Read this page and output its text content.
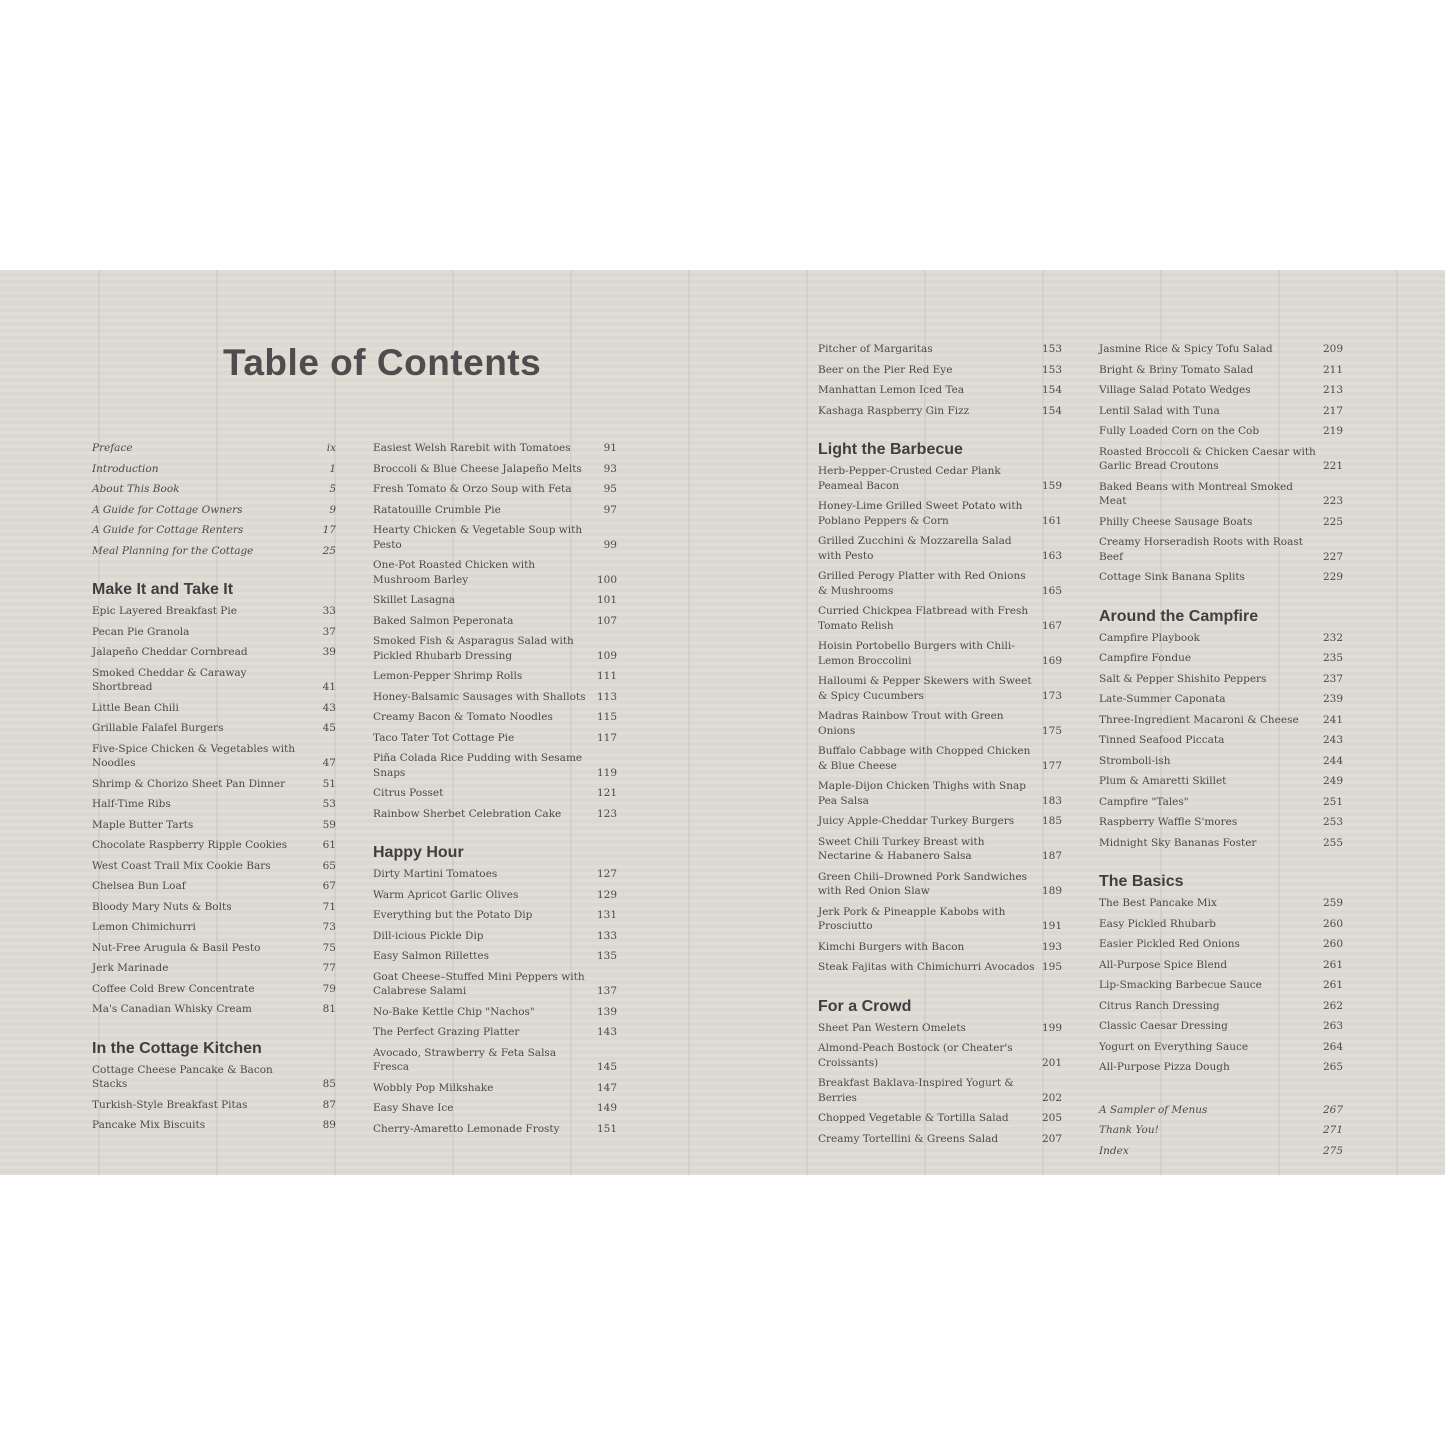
Table of Contents
Preface	ix
Introduction	1
About This Book	5
A Guide for Cottage Owners	9
A Guide for Cottage Renters	17
Meal Planning for the Cottage	25
Make It and Take It
Epic Layered Breakfast Pie	33
Pecan Pie Granola	37
Jalapeño Cheddar Cornbread	39
Smoked Cheddar & Caraway Shortbread	41
Little Bean Chili	43
Grillable Falafel Burgers	45
Five-Spice Chicken & Vegetables with Noodles	47
Shrimp & Chorizo Sheet Pan Dinner	51
Half-Time Ribs	53
Maple Butter Tarts	59
Chocolate Raspberry Ripple Cookies	61
West Coast Trail Mix Cookie Bars	65
Chelsea Bun Loaf	67
Bloody Mary Nuts & Bolts	71
Lemon Chimichurri	73
Nut-Free Arugula & Basil Pesto	75
Jerk Marinade	77
Coffee Cold Brew Concentrate	79
Ma's Canadian Whisky Cream	81
In the Cottage Kitchen
Cottage Cheese Pancake & Bacon Stacks	85
Turkish-Style Breakfast Pitas	87
Pancake Mix Biscuits	89
Easiest Welsh Rarebit with Tomatoes	91
Broccoli & Blue Cheese Jalapeño Melts	93
Fresh Tomato & Orzo Soup with Feta	95
Ratatouille Crumble Pie	97
Hearty Chicken & Vegetable Soup with Pesto	99
One-Pot Roasted Chicken with Mushroom Barley	100
Skillet Lasagna	101
Baked Salmon Peperonata	107
Smoked Fish & Asparagus Salad with Pickled Rhubarb Dressing	109
Lemon-Pepper Shrimp Rolls	111
Honey-Balsamic Sausages with Shallots	113
Creamy Bacon & Tomato Noodles	115
Taco Tater Tot Cottage Pie	117
Piña Colada Rice Pudding with Sesame Snaps	119
Citrus Posset	121
Rainbow Sherbet Celebration Cake	123
Happy Hour
Dirty Martini Tomatoes	127
Warm Apricot Garlic Olives	129
Everything but the Potato Dip	131
Dill-icious Pickle Dip	133
Easy Salmon Rillettes	135
Goat Cheese–Stuffed Mini Peppers with Calabrese Salami	137
No-Bake Kettle Chip "Nachos"	139
The Perfect Grazing Platter	143
Avocado, Strawberry & Feta Salsa Fresca	145
Wobbly Pop Milkshake	147
Easy Shave Ice	149
Cherry-Amaretto Lemonade Frosty	151
Pitcher of Margaritas	153
Beer on the Pier Red Eye	153
Manhattan Lemon Iced Tea	154
Kashaga Raspberry Gin Fizz	154
Light the Barbecue
Herb-Pepper-Crusted Cedar Plank Peameal Bacon	159
Honey-Lime Grilled Sweet Potato with Poblano Peppers & Corn	161
Grilled Zucchini & Mozzarella Salad with Pesto	163
Grilled Perogy Platter with Red Onions & Mushrooms	165
Curried Chickpea Flatbread with Fresh Tomato Relish	167
Hoisin Portobello Burgers with Chili-Lemon Broccolini	169
Halloumi & Pepper Skewers with Sweet & Spicy Cucumbers	173
Madras Rainbow Trout with Green Onions	175
Buffalo Cabbage with Chopped Chicken & Blue Cheese	177
Maple-Dijon Chicken Thighs with Snap Pea Salsa	183
Juicy Apple-Cheddar Turkey Burgers	185
Sweet Chili Turkey Breast with Nectarine & Habanero Salsa	187
Green Chili–Drowned Pork Sandwiches with Red Onion Slaw	189
Jerk Pork & Pineapple Kabobs with Prosciutto	191
Kimchi Burgers with Bacon	193
Steak Fajitas with Chimichurri Avocados 195
For a Crowd
Sheet Pan Western Omelets	199
Almond-Peach Bostock (or Cheater's Croissants)	201
Breakfast Baklava-Inspired Yogurt & Berries	202
Chopped Vegetable & Tortilla Salad	205
Creamy Tortellini & Greens Salad	207
Jasmine Rice & Spicy Tofu Salad	209
Bright & Briny Tomato Salad	211
Village Salad Potato Wedges	213
Lentil Salad with Tuna	217
Fully Loaded Corn on the Cob	219
Roasted Broccoli & Chicken Caesar with Garlic Bread Croutons	221
Baked Beans with Montreal Smoked Meat	223
Philly Cheese Sausage Boats	225
Creamy Horseradish Roots with Roast Beef	227
Cottage Sink Banana Splits	229
Around the Campfire
Campfire Playbook	232
Campfire Fondue	235
Salt & Pepper Shishito Peppers	237
Late-Summer Caponata	239
Three-Ingredient Macaroni & Cheese	241
Tinned Seafood Piccata	243
Stromboli-ish	244
Plum & Amaretti Skillet	249
Campfire "Tales"	251
Raspberry Waffle S'mores	253
Midnight Sky Bananas Foster	255
The Basics
The Best Pancake Mix	259
Easy Pickled Rhubarb	260
Easier Pickled Red Onions	260
All-Purpose Spice Blend	261
Lip-Smacking Barbecue Sauce	261
Citrus Ranch Dressing	262
Classic Caesar Dressing	263
Yogurt on Everything Sauce	264
All-Purpose Pizza Dough	265
A Sampler of Menus	267
Thank You!	271
Index	275
